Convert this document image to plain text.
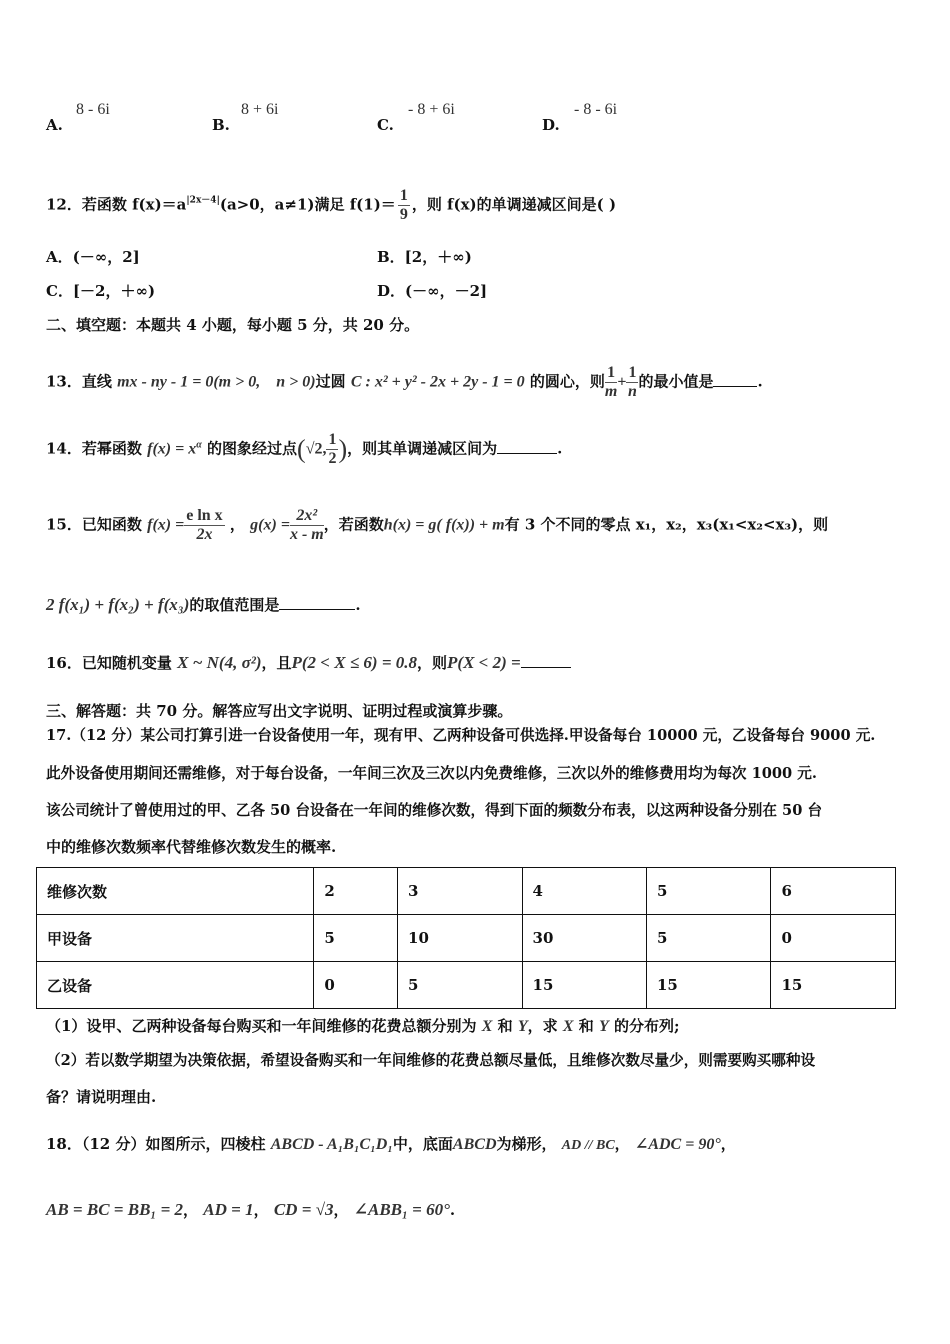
A.
8 - 6i
B.
8 + 6i
C.
- 8 + 6i
D.
- 8 - 6i
12．若函数 $f(x)=a^{|2x-4|}(a>0$，a≠1)满足 $f(1)= \frac{1}{9}$ ，则 f(x)的单调递减区间是( )
A．(－∞，2]	B．[2，＋∞)
C．[－2，＋∞)	D．(－∞，－2]
二、填空题：本题共 4 小题，每小题 5 分，共 20 分。
13．直线 mx - ny - 1 = 0(m > 0,　n > 0)过圆 C : x² + y² - 2x + 2y - 1 = 0 的圆心，则 $\frac{1}{m} + \frac{1}{n}$ 的最小值是	.
14．若幂函数 $f(x) = x^\alpha$ 的图象经过点(√2, $\frac{1}{2}$ )，则其单调递减区间为	.
15．已知函数 $f(x) = \frac{\text{e ln x}}{2x}$ ， $g(x) = \frac{\text{2x²}}{x - m}$ ，若函数h(x) = g( f(x)) + m有 3 个不同的零点 x₁，x₂，x₃(x₁<x₂<x₃)，则
2 f(x₁) + f(x₂) + f(x₃)的取值范围是	.
16．已知随机变量 X ~ N(4, σ²)，且P(2 < X ≤ 6) = 0.8，则P(X < 2) =
三、解答题：共 70 分。解答应写出文字说明、证明过程或演算步骤。
17.（12 分）某公司打算引进一台设备使用一年，现有甲、乙两种设备可供选择.甲设备每台 10000 元，乙设备每台 9000 元.
此外设备使用期间还需维修，对于每台设备，一年间三次及三次以内免费维修，三次以外的维修费用均为每次 1000 元.
该公司统计了曾使用过的甲、乙各 50 台设备在一年间的维修次数，得到下面的频数分布表，以这两种设备分别在 50 台
中的维修次数频率代替维修次数发生的概率.
维修次数	2	3	4	5	6
甲设备	5	10	30	5	0
乙设备	0	5	15	15	15
（1）设甲、乙两种设备每台购买和一年间维修的花费总额分别为 X 和 Y，求 X 和 Y 的分布列;
（2）若以数学期望为决策依据，希望设备购买和一年间维修的花费总额尽量低，且维修次数尽量少，则需要购买哪种设
备？请说明理由.
18．（12 分）如图所示，四棱柱 ABCD - A₁B₁C₁D₁中，底面ABCD为梯形， AD // BC， ∠ADC = 90°，
AB = BC = BB₁ = 2， AD = 1， CD = √3， ∠ABB₁ = 60°.
